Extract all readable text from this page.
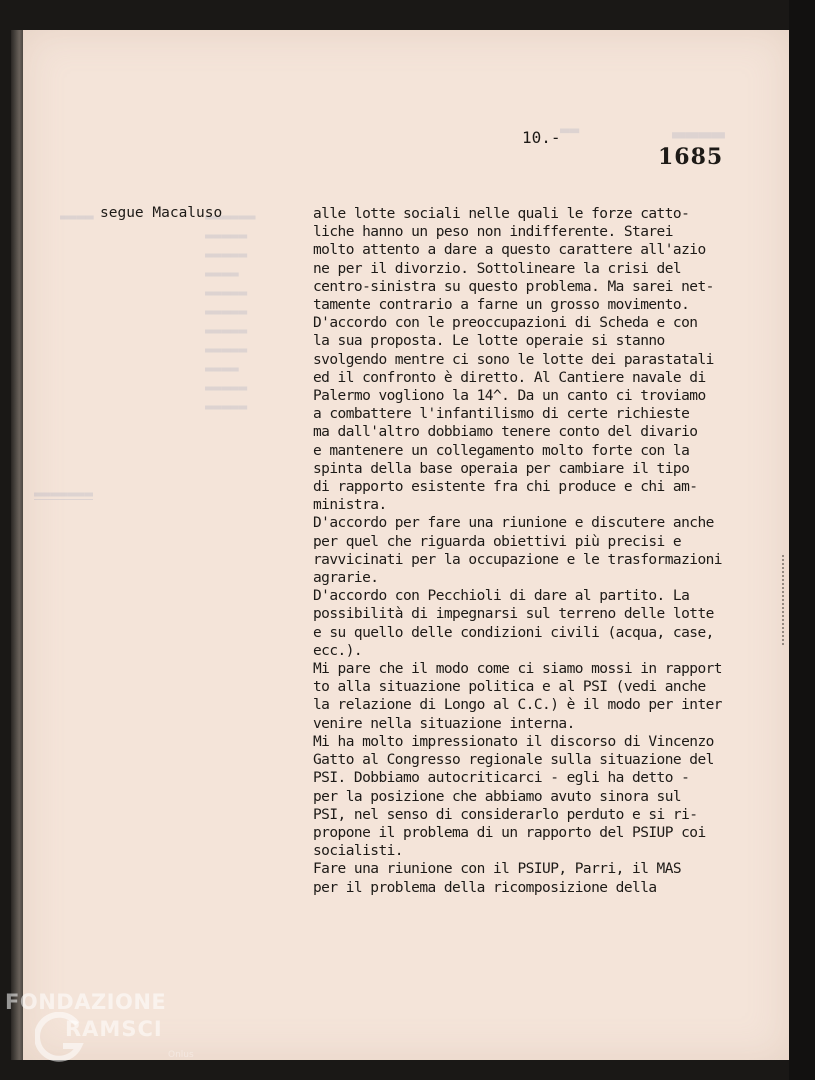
▬▬	▬▬▬▬
▬▬▬▬	▬▬▬▬▬▬
▬▬▬▬▬
▬▬▬▬▬
▬▬▬▬
▬▬▬▬▬
▬▬▬▬▬
▬▬▬▬▬
▬▬▬▬▬
▬▬▬▬
▬▬▬▬▬
▬▬▬▬▬
▬▬▬▬▬▬▬
10.-
1685
segue Macaluso	alle lotte sociali nelle quali le forze catto-
liche hanno un peso non indifferente. Starei
molto attento a dare a questo carattere all'azio
ne per il divorzio. Sottolineare la crisi del
centro-sinistra su questo problema. Ma sarei net-
tamente contrario a farne un grosso movimento.
D'accordo con le preoccupazioni di Scheda e con
la sua proposta. Le lotte operaie si stanno
svolgendo mentre ci sono le lotte dei parastatali
ed il confronto è diretto. Al Cantiere navale di
Palermo vogliono la 14^. Da un canto ci troviamo
a combattere l'infantilismo di certe richieste
ma dall'altro dobbiamo tenere conto del divario
e mantenere un collegamento molto forte con la
spinta della base operaia per cambiare il tipo
di rapporto esistente fra chi produce e chi am-
ministra.
D'accordo per fare una riunione e discutere anche
per quel che riguarda obiettivi più precisi e
ravvicinati per la occupazione e le trasformazioni
agrarie.
D'accordo con Pecchioli di dare al partito. La
possibilità di impegnarsi sul terreno delle lotte
e su quello delle condizioni civili (acqua, case,
ecc.).
Mi pare che il modo come ci siamo mossi in rapport
to alla situazione politica e al PSI (vedi anche
la relazione di Longo al C.C.) è il modo per inter
venire nella situazione interna.
Mi ha molto impressionato il discorso di Vincenzo
Gatto al Congresso regionale sulla situazione del
PSI. Dobbiamo autocriticarci - egli ha detto -
per la posizione che abbiamo avuto sinora sul
PSI, nel senso di considerarlo perduto e si ri-
propone il problema di un rapporto del PSIUP coi
socialisti.
Fare una riunione con il PSIUP, Parri, il MAS
per il problema della ricomposizione della
FONDAZIONE
RAMSCI
Onlus
